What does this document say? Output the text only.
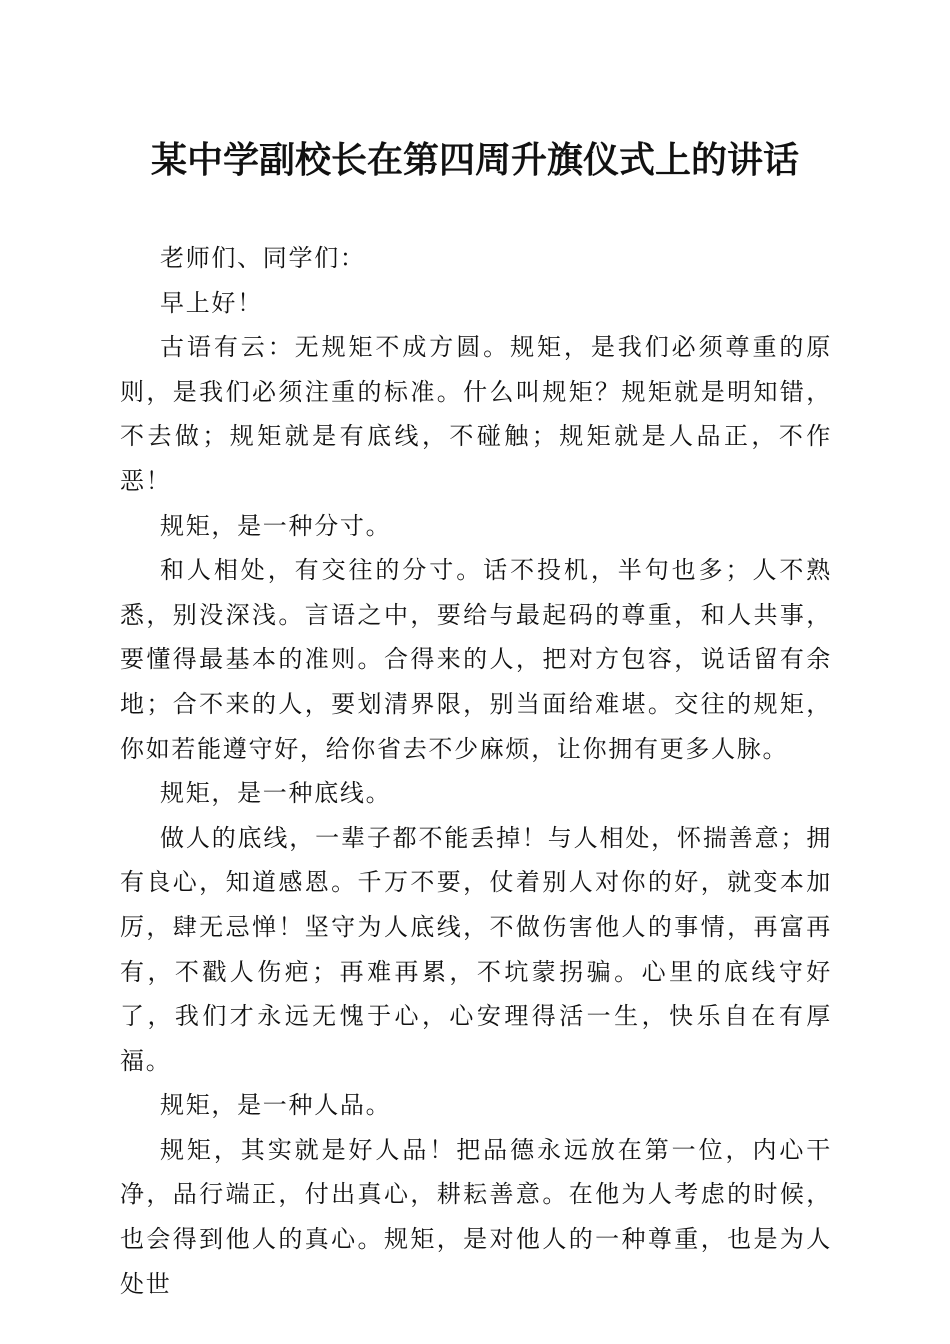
某中学副校长在第四周升旗仪式上的讲话

老师们、同学们：

早上好！

古语有云：无规矩不成方圆。规矩，是我们必须尊重的原则，是我们必须注重的标准。什么叫规矩？规矩就是明知错，不去做；规矩就是有底线，不碰触；规矩就是人品正，不作恶！

规矩，是一种分寸。

和人相处，有交往的分寸。话不投机，半句也多；人不熟悉，别没深浅。言语之中，要给与最起码的尊重，和人共事，要懂得最基本的准则。合得来的人，把对方包容，说话留有余地；合不来的人，要划清界限，别当面给难堪。交往的规矩，你如若能遵守好，给你省去不少麻烦，让你拥有更多人脉。

规矩，是一种底线。

做人的底线，一辈子都不能丢掉！与人相处，怀揣善意；拥有良心，知道感恩。千万不要，仗着别人对你的好，就变本加厉，肆无忌惮！坚守为人底线，不做伤害他人的事情，再富再有，不戳人伤疤；再难再累，不坑蒙拐骗。心里的底线守好了，我们才永远无愧于心，心安理得活一生，快乐自在有厚福。

规矩，是一种人品。

规矩，其实就是好人品！把品德永远放在第一位，内心干净，品行端正，付出真心，耕耘善意。在他为人考虑的时候，也会得到他人的真心。规矩，是对他人的一种尊重，也是为人处世
